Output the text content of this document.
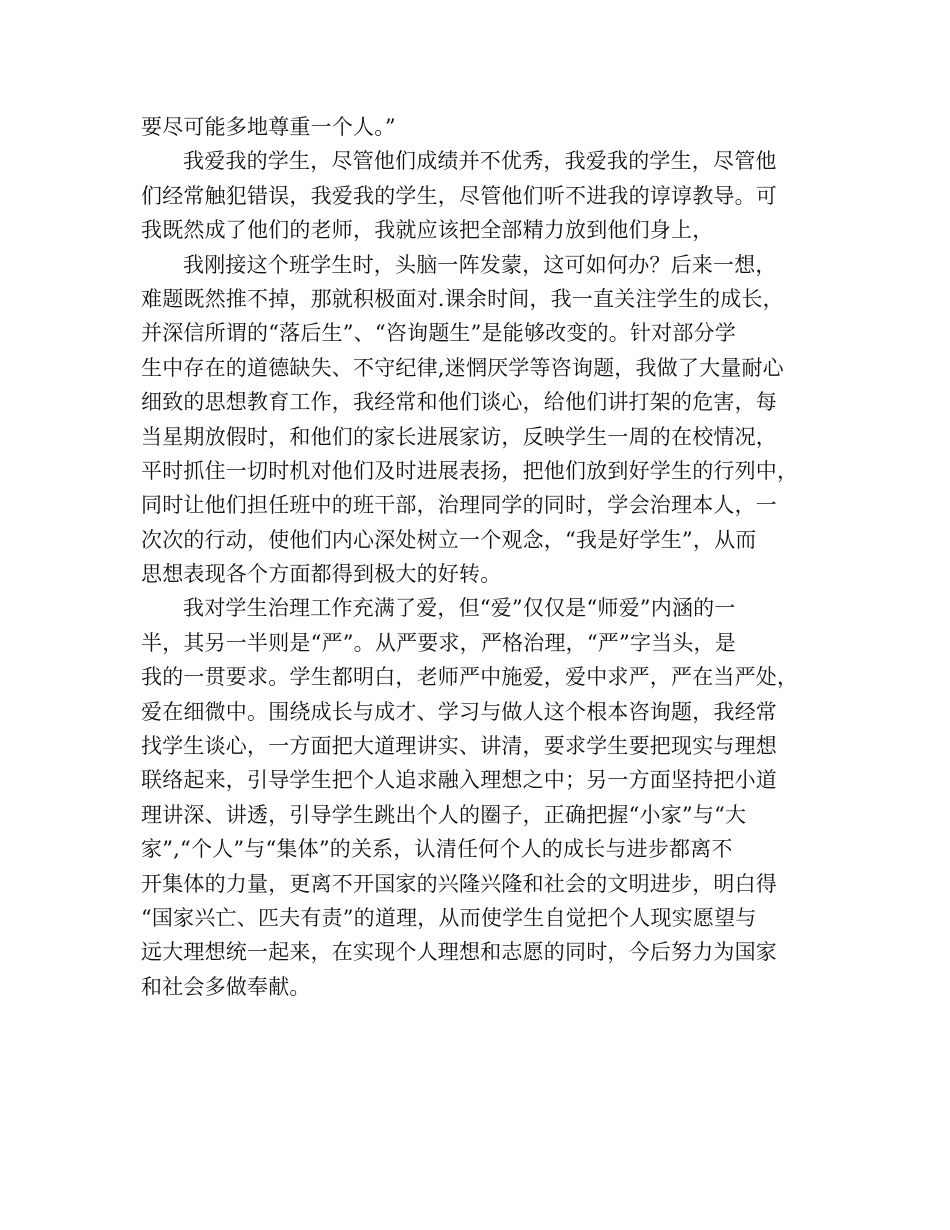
要尽可能多地尊重一个人。”
我爱我的学生，尽管他们成绩并不优秀，我爱我的学生，尽管他
们经常触犯错误，我爱我的学生，尽管他们听不进我的谆谆教导。可
我既然成了他们的老师，我就应该把全部精力放到他们身上，
我刚接这个班学生时，头脑一阵发蒙，这可如何办？后来一想，
难题既然推不掉，那就积极面对.课余时间，我一直关注学生的成长，
并深信所谓的“落后生”、“咨询题生”是能够改变的。针对部分学
生中存在的道德缺失、不守纪律,迷惘厌学等咨询题，我做了大量耐心
细致的思想教育工作，我经常和他们谈心，给他们讲打架的危害，每
当星期放假时，和他们的家长进展家访，反映学生一周的在校情况，
平时抓住一切时机对他们及时进展表扬，把他们放到好学生的行列中，
同时让他们担任班中的班干部，治理同学的同时，学会治理本人，一
次次的行动，使他们内心深处树立一个观念，“我是好学生”，从而
思想表现各个方面都得到极大的好转。
我对学生治理工作充满了爱，但“爱”仅仅是“师爱”内涵的一
半，其另一半则是“严”。从严要求，严格治理，“严”字当头，是
我的一贯要求。学生都明白，老师严中施爱，爱中求严，严在当严处，
爱在细微中。围绕成长与成才、学习与做人这个根本咨询题，我经常
找学生谈心，一方面把大道理讲实、讲清，要求学生要把现实与理想
联络起来，引导学生把个人追求融入理想之中；另一方面坚持把小道
理讲深、讲透，引导学生跳出个人的圈子，正确把握“小家”与“大
家”,“个人”与“集体”的关系，认清任何个人的成长与进步都离不
开集体的力量，更离不开国家的兴隆兴隆和社会的文明进步，明白得
“国家兴亡、匹夫有责”的道理，从而使学生自觉把个人现实愿望与
远大理想统一起来，在实现个人理想和志愿的同时，今后努力为国家
和社会多做奉献。
